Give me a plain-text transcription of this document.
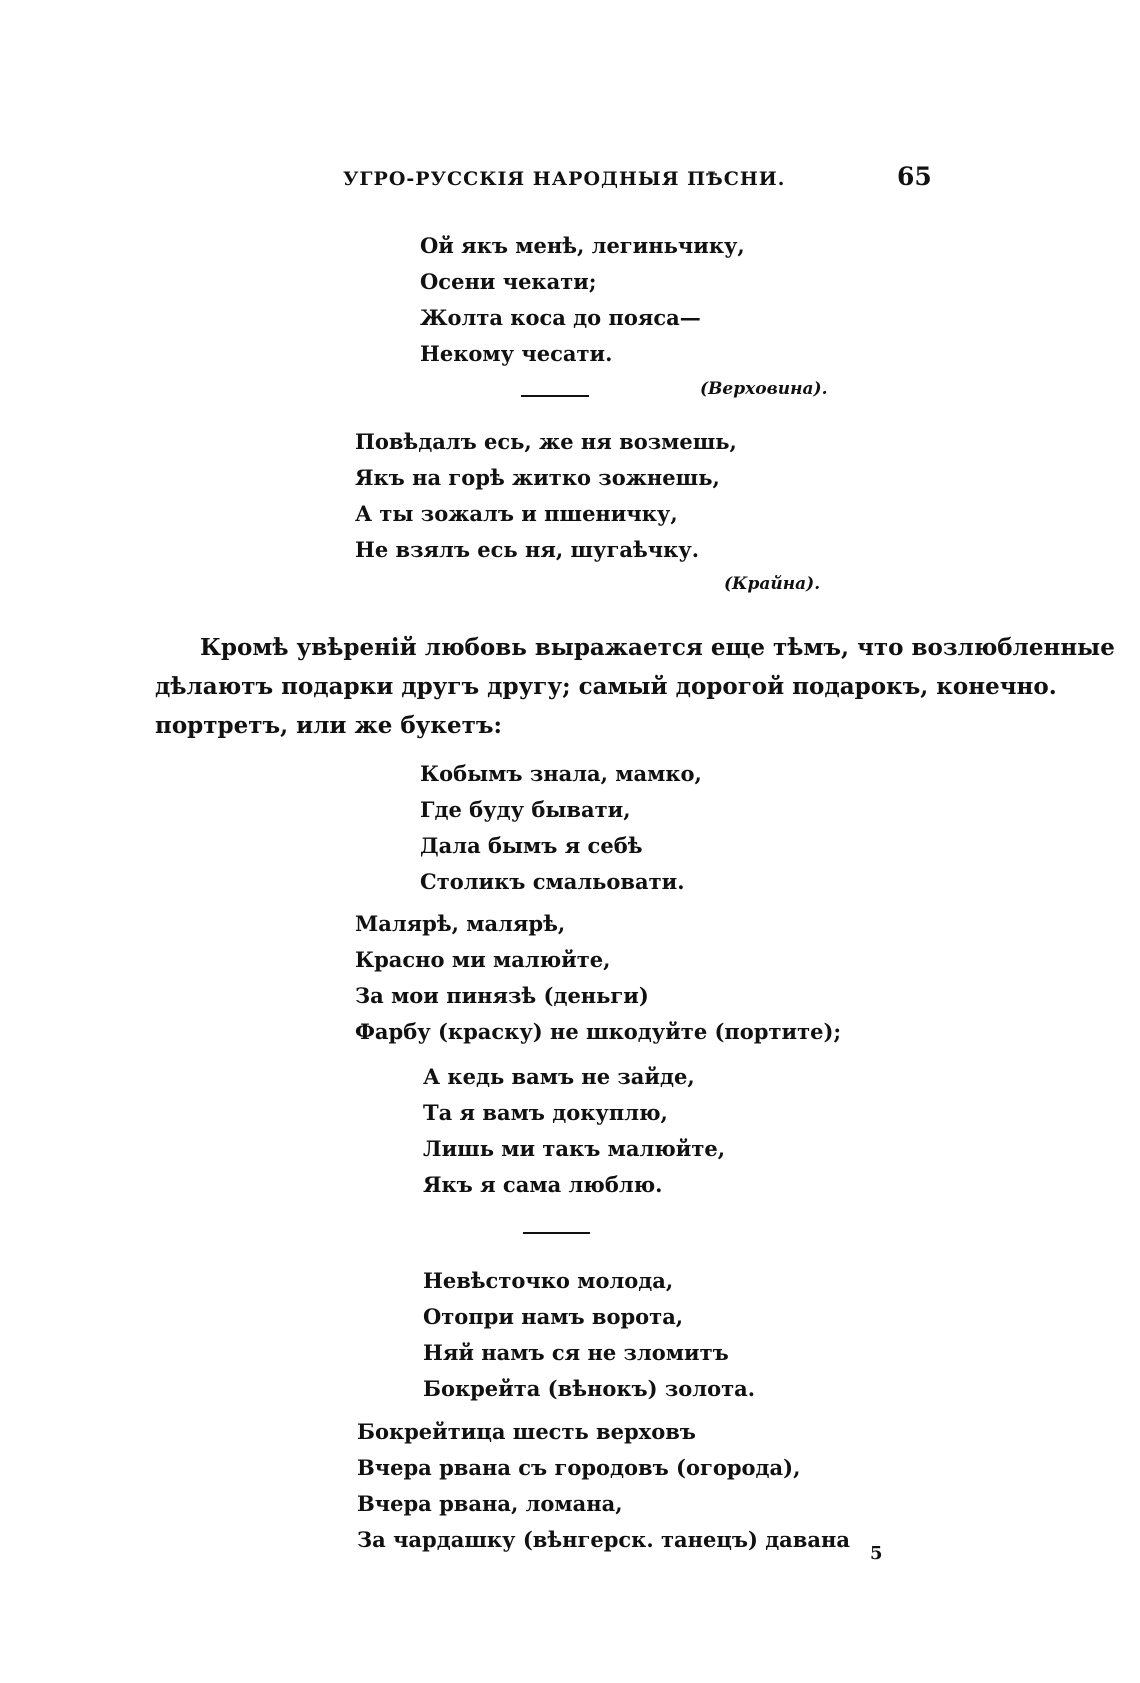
УГРО-РУССКІЯ НАРОДНЫЯ ПѢСНИ.	65
Ой якъ менѣ, легиньчику,
Осени чекати;
Жолта коса до пояса—
Некому чесати.
(Верховина).
Повѣдалъ есь, же ня возмешь,
Якъ на горѣ житко зожнешь,
А ты зожалъ и пшеничку,
Не взялъ есь ня, шугаѣчку.
(Крайна).
Кромѣ увѣреній любовь выражается еще тѣмъ, что возлюбленные
дѣлаютъ подарки другъ другу; самый дорогой подарокъ, конечно.
портретъ, или же букетъ:
Кобымъ знала, мамко,
Где буду бывати,
Дала бымъ я себѣ
Столикъ смальовати.
Малярѣ, малярѣ,
Красно ми малюйте,
За мои пинязѣ (деньги)
Фарбу (краску) не шкодуйте (портите);
А кедь вамъ не зайде,
Та я вамъ докуплю,
Лишь ми такъ малюйте,
Якъ я сама люблю.
Невѣсточко молода,
Отопри намъ ворота,
Няй намъ ся не зломитъ
Бокрейта (вѣнокъ) золота.
Бокрейтица шесть верховъ
Вчера рвана съ городовъ (огорода),
Вчера рвана, ломана,
За чардашку (вѣнгерск. танецъ) давана
5
